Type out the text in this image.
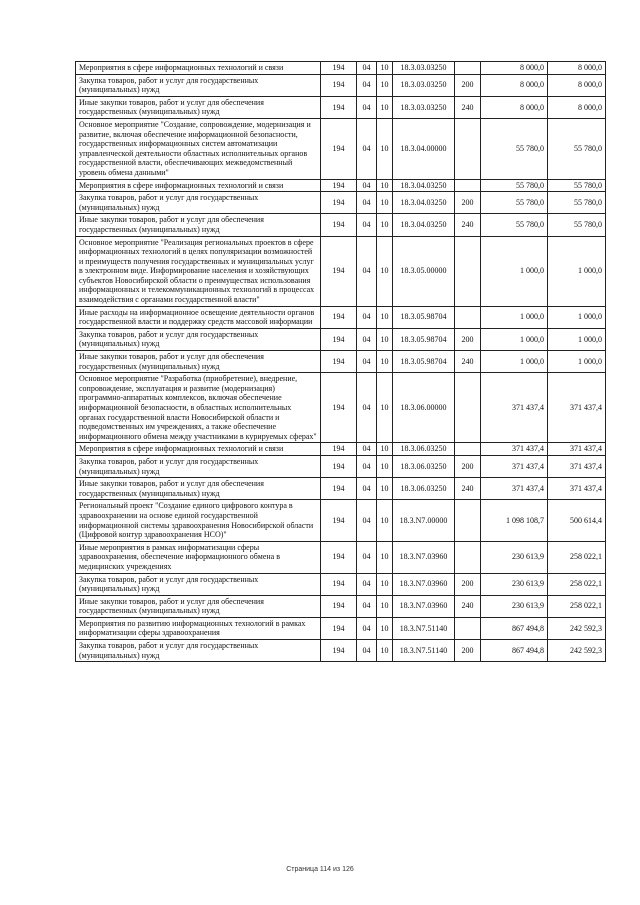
Мероприятия в сфере информационных технологий и связи	194	04	10	18.3.03.03250		8 000,0	8 000,0
Закупка товаров, работ и услуг для государственных (муниципальных) нужд	194	04	10	18.3.03.03250	200	8 000,0	8 000,0
Иные закупки товаров, работ и услуг для обеспечения государственных (муниципальных) нужд	194	04	10	18.3.03.03250	240	8 000,0	8 000,0
Основное мероприятие "Создание, сопровождение, модернизация и развитие, включая обеспечение информационной безопасности, государственных информационных систем автоматизации управленческой деятельности областных исполнительных органов государственной власти, обеспечивающих межведомственный уровень обмена данными"	194	04	10	18.3.04.00000		55 780,0	55 780,0
Мероприятия в сфере информационных технологий и связи	194	04	10	18.3.04.03250		55 780,0	55 780,0
Закупка товаров, работ и услуг для государственных (муниципальных) нужд	194	04	10	18.3.04.03250	200	55 780,0	55 780,0
Иные закупки товаров, работ и услуг для обеспечения государственных (муниципальных) нужд	194	04	10	18.3.04.03250	240	55 780,0	55 780,0
Основное мероприятие "Реализация региональных проектов в сфере информационных технологий в целях популяризации возможностей и преимуществ получения государственных и муниципальных услуг в электронном виде. Информирование населения и хозяйствующих субъектов Новосибирской области о преимуществах использования информационных и телекоммуникационных технологий в процессах взаимодействия с органами государственной власти"	194	04	10	18.3.05.00000		1 000,0	1 000,0
Иные расходы на информационное освещение деятельности органов государственной власти и поддержку средств массовой информации	194	04	10	18.3.05.98704		1 000,0	1 000,0
Закупка товаров, работ и услуг для государственных (муниципальных) нужд	194	04	10	18.3.05.98704	200	1 000,0	1 000,0
Иные закупки товаров, работ и услуг для обеспечения государственных (муниципальных) нужд	194	04	10	18.3.05.98704	240	1 000,0	1 000,0
Основное мероприятие "Разработка (приобретение), внедрение, сопровождение, эксплуатация и развитие (модернизация) программно-аппаратных комплексов, включая обеспечение информационной безопасности, в областных исполнительных органах государственной власти Новосибирской области и подведомственных им учреждениях, а также обеспечение информационного обмена между участниками в курируемых сферах"	194	04	10	18.3.06.00000		371 437,4	371 437,4
Мероприятия в сфере информационных технологий и связи	194	04	10	18.3.06.03250		371 437,4	371 437,4
Закупка товаров, работ и услуг для государственных (муниципальных) нужд	194	04	10	18.3.06.03250	200	371 437,4	371 437,4
Иные закупки товаров, работ и услуг для обеспечения государственных (муниципальных) нужд	194	04	10	18.3.06.03250	240	371 437,4	371 437,4
Региональный проект "Создание единого цифрового контура в здравоохранении на основе единой государственной информационной системы здравоохранения Новосибирской области (Цифровой контур здравоохранения НСО)"	194	04	10	18.3.N7.00000		1 098 108,7	500 614,4
Иные мероприятия в рамках информатизации сферы здравоохранения, обеспечение информационного обмена в медицинских учреждениях	194	04	10	18.3.N7.03960		230 613,9	258 022,1
Закупка товаров, работ и услуг для государственных (муниципальных) нужд	194	04	10	18.3.N7.03960	200	230 613,9	258 022,1
Иные закупки товаров, работ и услуг для обеспечения государственных (муниципальных) нужд	194	04	10	18.3.N7.03960	240	230 613,9	258 022,1
Мероприятия по развитию информационных технологий в рамках информатизации сферы здравоохранения	194	04	10	18.3.N7.51140		867 494,8	242 592,3
Закупка товаров, работ и услуг для государственных (муниципальных) нужд	194	04	10	18.3.N7.51140	200	867 494,8	242 592,3
Страница 114 из 126
